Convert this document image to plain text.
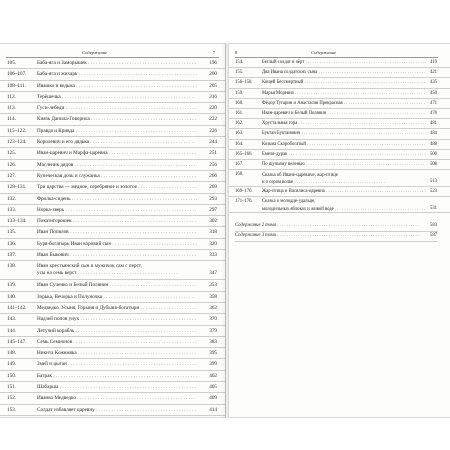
Содержание	7
105.	Баба-яга и Заморышек . . .	196
106–107. Баба-яга и жихарь . . .	200
108–111. Ивашко и ведьма . . .	205
112.	Терёшечка . . .	216
113.	Гуси-лебеди . . .	220
114.	Князь Данила-Говорила . . .	222
115–122. Правда и Кривда . . .	226
123–124. Королевич и его дядька . . .	244
125.	Иван-царевич и Марфа-царевна . . .	251
126.	Масленик дядов . . .	256
127.	Купеческая дочь и служанка . . .	266
128–131. Три царства — медное, серебряное и золотое . . .	269
132.	Фролка-сидень . . .	293
133.	Норка-зверь . . .	297
133–134. Покатигорошек . . .	302
135.	Иван Попялов . . .	318
136.	Буря-богатырь Иван коровий сын . . .	320
137.	Иван Быкович . . .	333
138.	Иван крестьянский сын и мужичок сам с перст,
усы на семь верст . . .	347
139.	Иван Сученко и Белый Полянин . . .	353
140.	Зорька, Вечорка и Полуночка . . .	358
141–142. Медведко, Усыня, Горыня и Дубыня-богатыри . . .	362
143.	Надзей попов унук . . .	370
144.	Летучий корабль . . .	379
145–147. Семь Семионов . . .	383
148.	Никита Кожемяка . . .	395
149.	Змей и цыган . . .	399
150.	Батрак . . .	402
151.	Шабарша . . .	405
152.	Иванко Медведко . . .	409
153.	Солдат избавляет царевну . . .	414
8	Содержание
154.	Беглый солдат и чёрт . . .	419
155.	Два Ивана солдатских сына . . .	421
156–158. Кощей Бессмертный . . .	435
159.	Марья Моревна . . .	450
160.	Фёдор Тугарин и Анастасия Прекрасная . . .	471
161.	Иван-царевич и Белый Полянин . . .	476
162.	Хрустальная гора . . .	481
163.	Буктан Буктанович . . .	484
164.	Козьма Скоробогатый . . .	488
165–166. Емеля-дурак . . .	500
167.	По щучьему веленью . . .	508
168.	Сказка об Иване-царевиче, жар-птице
и о сером волке . . .	513
169–170. Жар-птица и Василиса-царевна . . .	523
171–176. Сказка о молодце-удальце,
молодильных яблоках и живой воде . . .	531
Содержание 2 тома . . .	583
Содержание 3 тома . . .	587
